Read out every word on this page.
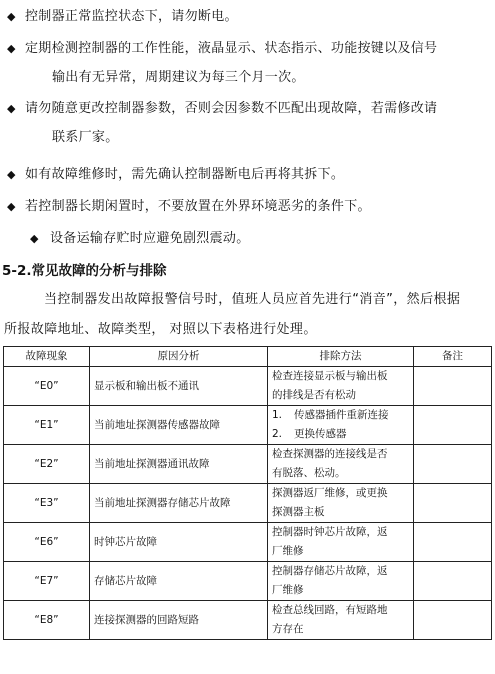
◆ 控制器正常监控状态下，请勿断电。
◆ 定期检测控制器的工作性能，液晶显示、状态指示、功能按键以及信号
输出有无异常，周期建议为每三个月一次。
◆ 请勿随意更改控制器参数，否则会因参数不匹配出现故障，若需修改请
联系厂家。
◆ 如有故障维修时，需先确认控制器断电后再将其拆下。
◆ 若控制器长期闲置时，不要放置在外界环境恶劣的条件下。
◆ 设备运输存贮时应避免剧烈震动。
5-2.常见故障的分析与排除
当控制器发出故障报警信号时，值班人员应首先进行“消音”，然后根据
所报故障地址、故障类型， 对照以下表格进行处理。
故障现象	原因分析	排除方法	备注
“E0”	显示板和输出板不通讯	检查连接显示板与输出板
的排线是否有松动	

“E1”	当前地址探测器传感器故障	1. 传感器插件重新连接
2. 更换传感器	

“E2”	当前地址探测器通讯故障	检查探测器的连接线是否
有脱落、松动。	

“E3”	当前地址探测器存储芯片故障	探测器返厂维修，或更换
探测器主板	

“E6”	时钟芯片故障	控制器时钟芯片故障，返
厂维修	

“E7”	存储芯片故障	控制器存储芯片故障，返
厂维修	

“E8”	连接探测器的回路短路	检查总线回路，有短路地
方存在	
